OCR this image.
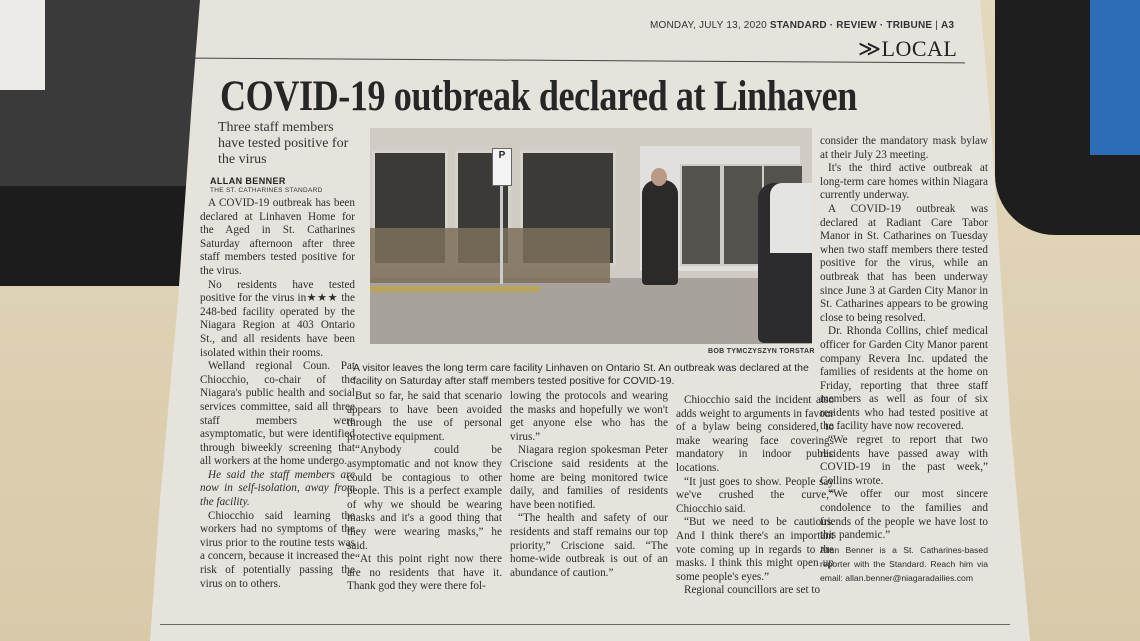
MONDAY, JULY 13, 2020 STANDARD · REVIEW · TRIBUNE | A3
≫LOCAL
COVID-19 outbreak declared at Linhaven
Three staff members have tested positive for the virus
ALLAN BENNER
THE ST. CATHARINES STANDARD

A COVID-19 outbreak has been declared at Linhaven Home for the Aged in St. Catharines Saturday afternoon after three staff members tested positive for the virus.

No residents have tested positive for the virus in★★★ the 248-bed facility operated by the Niagara Region at 403 Ontario St., and all residents have been isolated within their rooms.

Welland regional Coun. Pat Chiocchio, co-chair of the Niagara's public health and social services committee, said all three staff members were asymptomatic, but were identified through biweekly screening that all workers at the home undergo.

He said the staff members are now in self-isolation, away from the facility.

Chiocchio said learning the workers had no symptoms of the virus prior to the routine tests was a concern, because it increased the risk of potentially passing the virus on to others.

P
BOB TYMCZYSZYN TORSTAR
A visitor leaves the long term care facility Linhaven on Ontario St. An outbreak was declared at the facility on Saturday after staff members tested positive for COVID-19.

But so far, he said that scenario appears to have been avoided through the use of personal protective equipment.

“Anybody could be asymptomatic and not know they could be contagious to other people. This is a perfect example of why we should be wearing masks and it's a good thing that they were wearing masks,” he said.

“At this point right now there are no residents that have it. Thank god they were there fol-

lowing the protocols and wearing the masks and hopefully we won't get anyone else who has the virus.”

Niagara region spokesman Peter Criscione said residents at the home are being monitored twice daily, and families of residents have been notified.

“The health and safety of our residents and staff remains our top priority,” Criscione said. “The home-wide outbreak is out of an abundance of caution.”

Chiocchio said the incident also adds weight to arguments in favour of a bylaw being considered, to make wearing face coverings mandatory in indoor public locations.

“It just goes to show. People say we've crushed the curve,” Chiocchio said.

“But we need to be cautious. And I think there's an important vote coming up in regards to the masks. I think this might open up some people's eyes.”

Regional councillors are set to

consider the mandatory mask bylaw at their July 23 meeting.

It's the third active outbreak at long-term care homes within Niagara currently underway.

A COVID-19 outbreak was declared at Radiant Care Tabor Manor in St. Catharines on Tuesday when two staff members there tested positive for the virus, while an outbreak that has been underway since June 3 at Garden City Manor in St. Catharines appears to be growing close to being resolved.

Dr. Rhonda Collins, chief medical officer for Garden City Manor parent company Revera Inc. updated the families of residents at the home on Friday, reporting that three staff members as well as four of six residents who had tested positive at the facility have now recovered.

“We regret to report that two residents have passed away with COVID-19 in the past week,” Collins wrote.

“We offer our most sincere condolence to the families and friends of the people we have lost to this pandemic.”

Allan Benner is a St. Catharines-based reporter with the Standard. Reach him via email: allan.benner@niagaradailies.com
